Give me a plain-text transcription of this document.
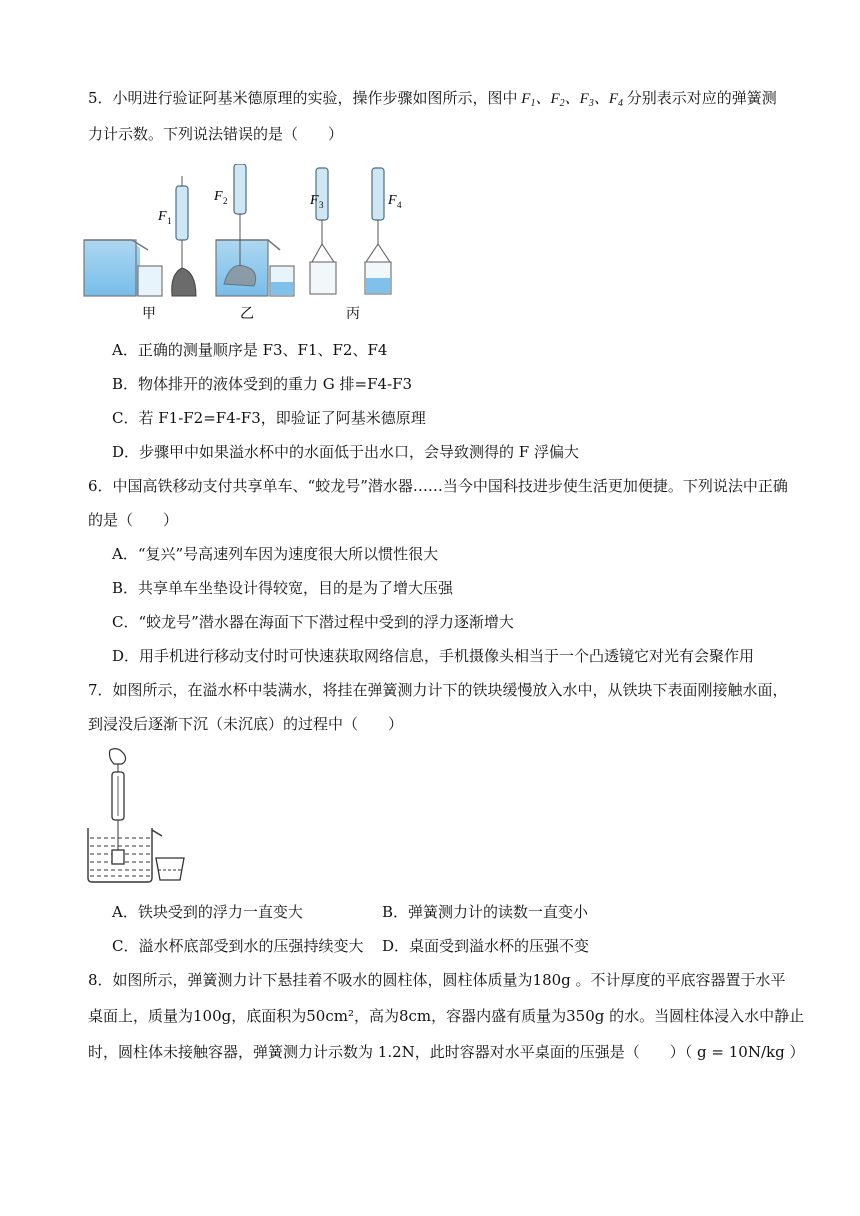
5．小明进行验证阿基米德原理的实验，操作步骤如图所示，图中 $F_1$、$F_2$、$F_3$、$F_4$ 分别表示对应的弹簧测
力计示数。下列说法错误的是（　　）
F 1
甲
F 2
乙
F 3	F 4
丙
A．正确的测量顺序是 F3、F1、F2、F4
B．物体排开的液体受到的重力 G 排=F4-F3
C．若 F1-F2=F4-F3，即验证了阿基米德原理
D．步骤甲中如果溢水杯中的水面低于出水口，会导致测得的 F 浮偏大
6．中国高铁移动支付共享单车、“蛟龙号”潜水器……当今中国科技进步使生活更加便捷。下列说法中正确
的是（　　）
A．“复兴”号高速列车因为速度很大所以惯性很大
B．共享单车坐垫设计得较宽，目的是为了增大压强
C．“蛟龙号”潜水器在海面下下潜过程中受到的浮力逐渐增大
D．用手机进行移动支付时可快速获取网络信息，手机摄像头相当于一个凸透镜它对光有会聚作用
7．如图所示，在溢水杯中装满水，将挂在弹簧测力计下的铁块缓慢放入水中，从铁块下表面刚接触水面，
到浸没后逐渐下沉（未沉底）的过程中（　　）
A．铁块受到的浮力一直变大	B．弹簧测力计的读数一直变小
C．溢水杯底部受到水的压强持续变大 D．桌面受到溢水杯的压强不变
8．如图所示，弹簧测力计下悬挂着不吸水的圆柱体，圆柱体质量为180g 。不计厚度的平底容器置于水平
桌面上，质量为100g，底面积为50cm²，高为8cm，容器内盛有质量为350g 的水。当圆柱体浸入水中静止
时，圆柱体未接触容器，弹簧测力计示数为 1.2N，此时容器对水平桌面的压强是（　　）（ g = 10N/kg ）
